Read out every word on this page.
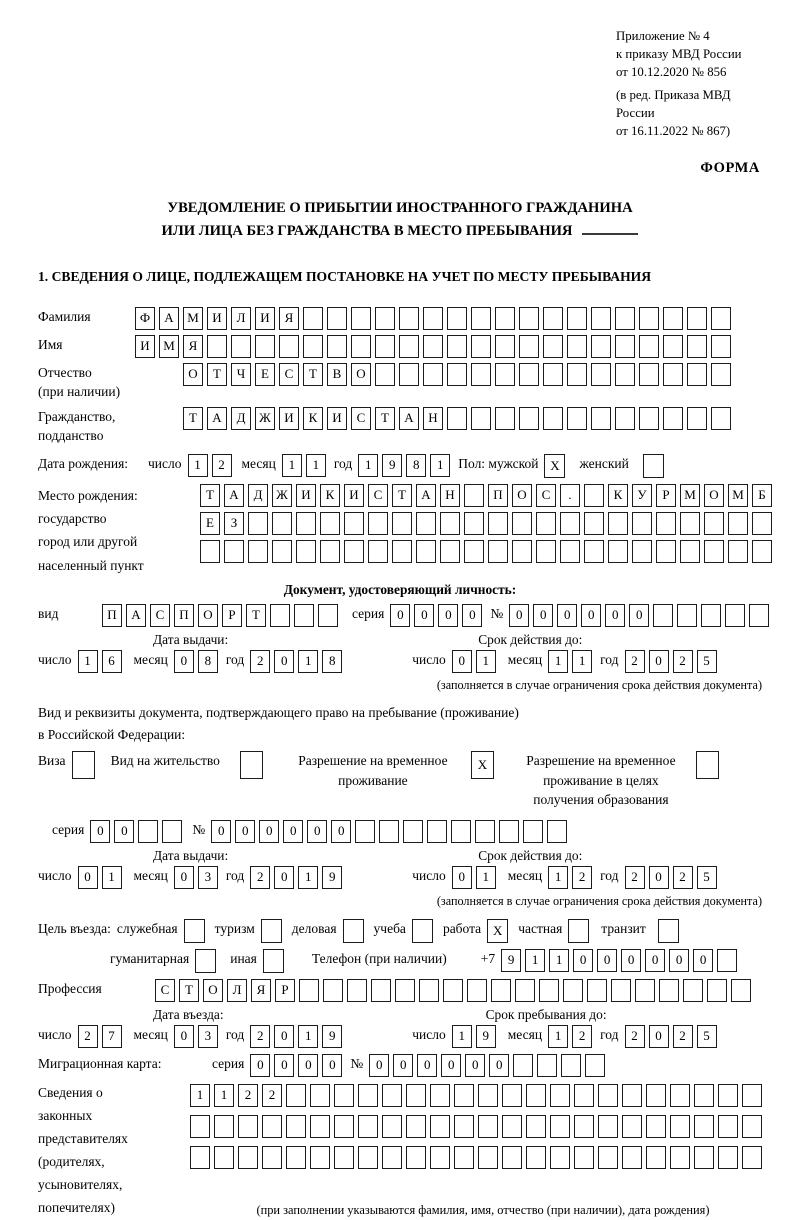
Приложение № 4
к приказу МВД России
от 10.12.2020 № 856
(в ред. Приказа МВД России
от 16.11.2022 № 867)
ФОРМА
УВЕДОМЛЕНИЕ О ПРИБЫТИИ ИНОСТРАННОГО ГРАЖДАНИНА
ИЛИ ЛИЦА БЕЗ ГРАЖДАНСТВА В МЕСТО ПРЕБЫВАНИЯ
1. СВЕДЕНИЯ О ЛИЦЕ, ПОДЛЕЖАЩЕМ ПОСТАНОВКЕ НА УЧЕТ ПО МЕСТУ ПРЕБЫВАНИЯ
Фамилия	Ф	А	М	И	Л	И	Я
Имя	И	М	Я
Отчество
(при наличии)
О	Т	Ч	Е	С	Т	В	О
Гражданство,
подданство
Т	А	Д	Ж	И	К	И	С	Т	А	Н
Дата рождения:	число 1	2	месяц 1	1	год 1	9	8	1	Пол: мужской X	женский
Место рождения:
государство
город или другой
населенный пункт
Т	А	Д	Ж	И	К	И	С	Т	А	Н	П	О	С	.	К	У	Р	М	О	М	Б
Е	З
Документ, удостоверяющий личность:
вид	П	А	С	П	О	Р	Т	серия 0	0	0	0	№ 0	0	0	0	0	0
Дата выдачи:	Срок действия до:
число 1	6	месяц 0	8	год 2	0	1	8	число 0	1	месяц 1	1	год 2	0	2	5
(заполняется в случае ограничения срока действия документа)
Вид и реквизиты документа, подтверждающего право на пребывание (проживание)
в Российской Федерации:
Виза	Вид на жительство	Разрешение на временное проживание
X	Разрешение на временное проживание в целях получения образования
серия 0	0	№ 0	0	0	0	0	0
Дата выдачи:	Срок действия до:
число 0	1	месяц 0	3	год 2	0	1	9	число 0	1	месяц 1	2	год 2	0	2	5
(заполняется в случае ограничения срока действия документа)
Цель въезда: служебная	туризм	деловая	учеба	работа X	частная	транзит
гуманитарная	иная	Телефон (при наличии)	+7 9	1	1	0	0	0	0	0	0
Профессия	С	Т	О	Л	Я	Р
Дата въезда:	Срок пребывания до:
число 2	7	месяц 0	3	год 2	0	1	9	число 1	9	месяц 1	2	год 2	0	2	5
Миграционная карта:	серия 0	0	0	0	№ 0	0	0	0	0	0
Сведения о
законных
представителях
(родителях,
усыновителях,
попечителях)
1	1	2	2
(при заполнении указываются фамилия, имя, отчество (при наличии), дата рождения)
